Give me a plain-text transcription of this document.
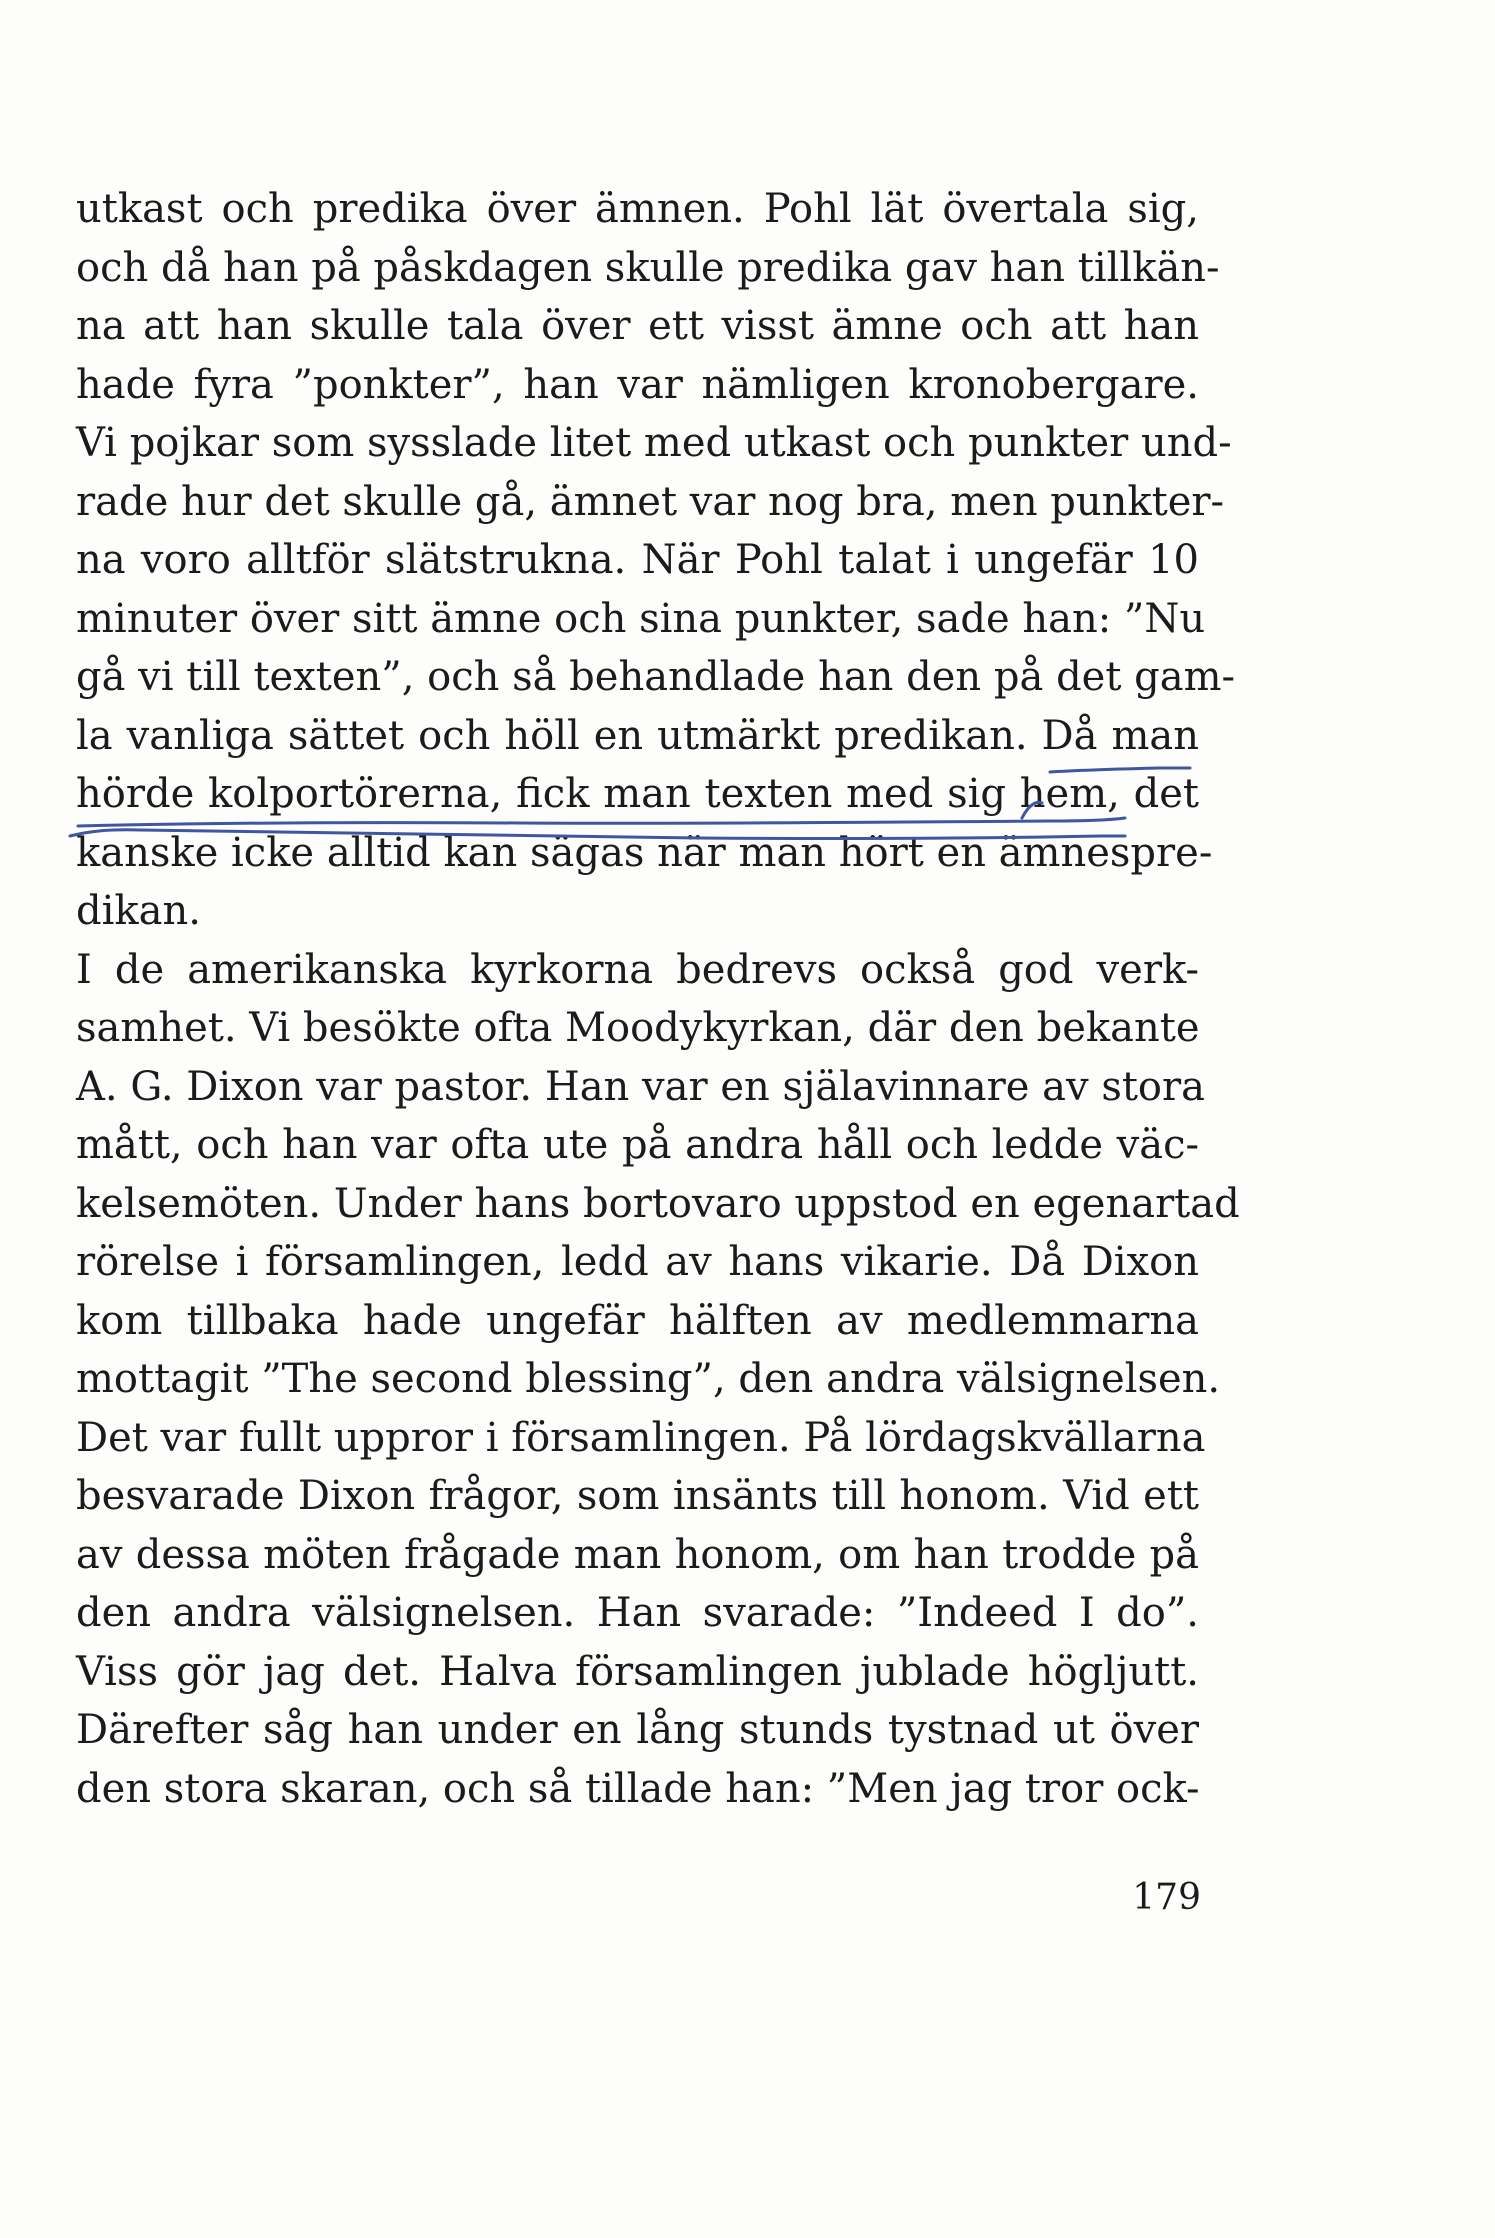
utkast och predika över ämnen. Pohl lät övertala sig,
och då han på påskdagen skulle predika gav han tillkän-
na att han skulle tala över ett visst ämne och att han
hade fyra ”ponkter”, han var nämligen kronobergare.
Vi pojkar som sysslade litet med utkast och punkter und-
rade hur det skulle gå, ämnet var nog bra, men punkter-
na voro alltför slätstrukna. När Pohl talat i ungefär 10
minuter över sitt ämne och sina punkter, sade han: ”Nu
gå vi till texten”, och så behandlade han den på det gam-
la vanliga sättet och höll en utmärkt predikan. Då man
hörde kolportörerna, fick man texten med sig hem, det
kanske icke alltid kan sägas när man hört en ämnespre-
dikan.
I de amerikanska kyrkorna bedrevs också god verk-
samhet. Vi besökte ofta Moodykyrkan, där den bekante
A. G. Dixon var pastor. Han var en själavinnare av stora
mått, och han var ofta ute på andra håll och ledde väc-
kelsemöten. Under hans bortovaro uppstod en egenartad
rörelse i församlingen, ledd av hans vikarie. Då Dixon
kom tillbaka hade ungefär hälften av medlemmarna
mottagit ”The second blessing”, den andra välsignelsen.
Det var fullt uppror i församlingen. På lördagskvällarna
besvarade Dixon frågor, som insänts till honom. Vid ett
av dessa möten frågade man honom, om han trodde på
den andra välsignelsen. Han svarade: ”Indeed I do”.
Viss gör jag det. Halva församlingen jublade högljutt.
Därefter såg han under en lång stunds tystnad ut över
den stora skaran, och så tillade han: ”Men jag tror ock-
179
